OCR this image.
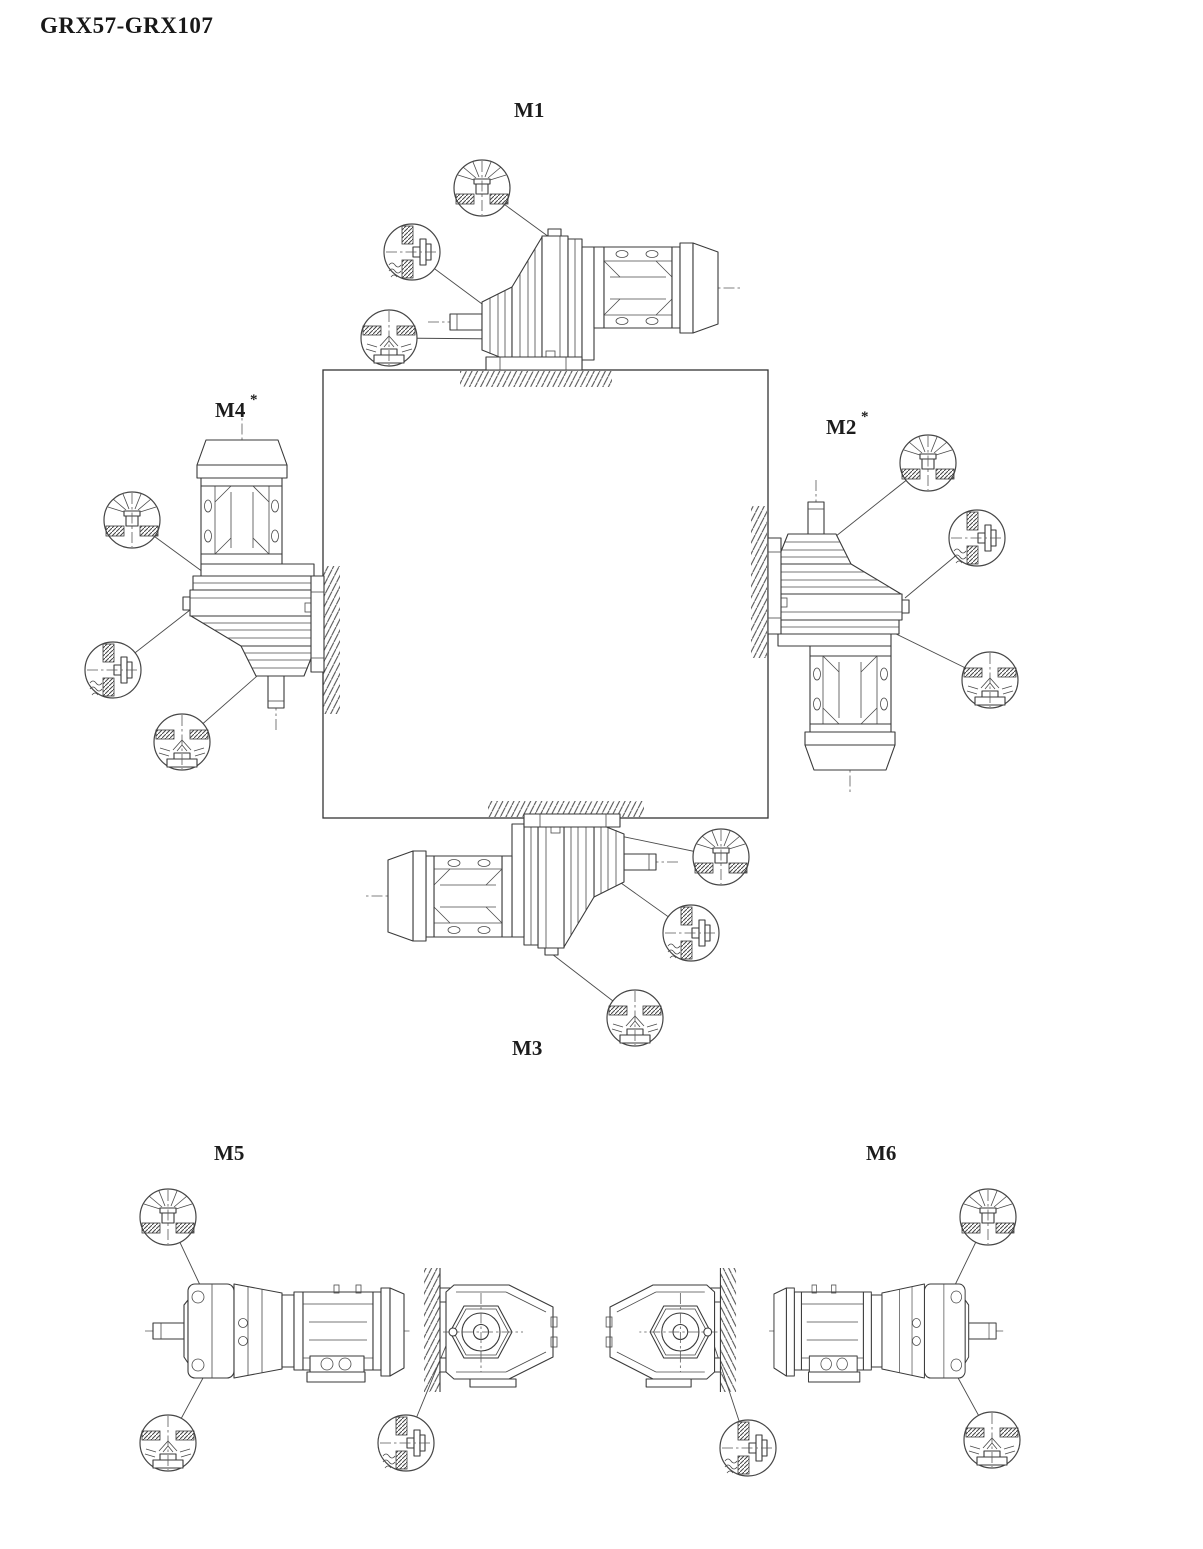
GRX57-GRX107
M1
M2 *
M3
M4 *
M5	M6
